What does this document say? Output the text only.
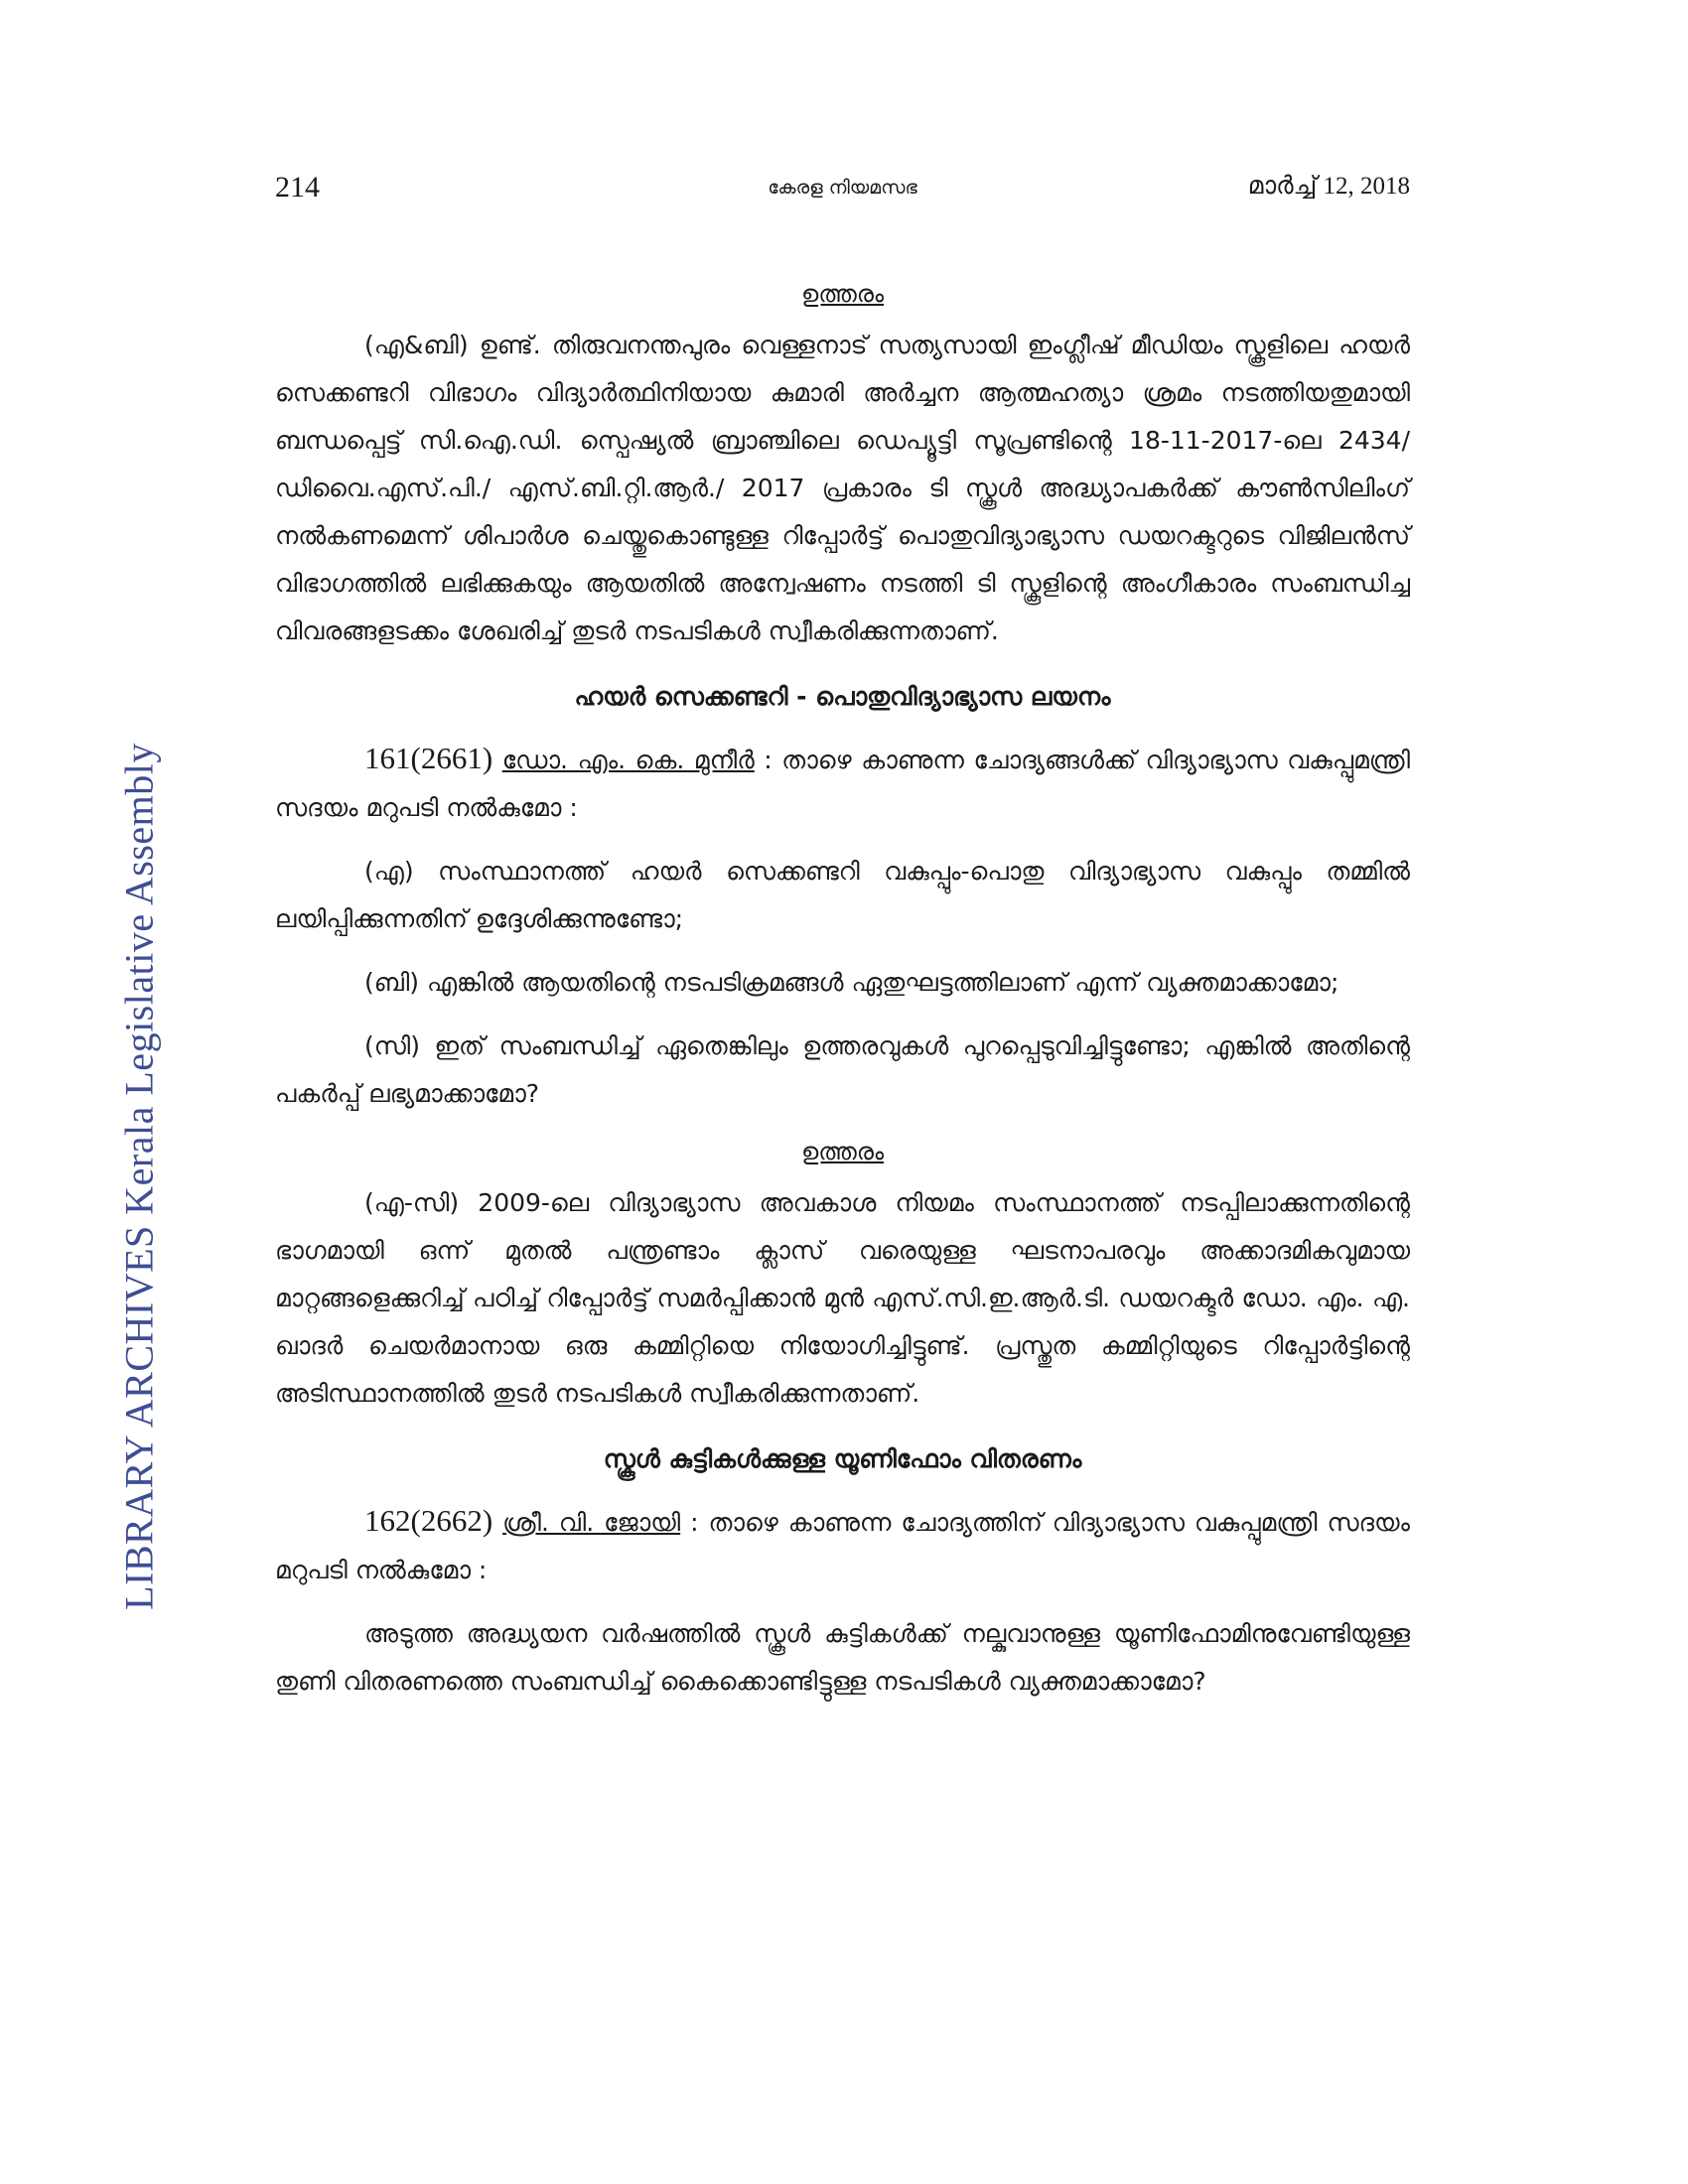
LIBRARY ARCHIVES Kerala Legislative Assembly
214	കേരള നിയമസഭ	മാർച്ച് 12, 2018
ഉത്തരം

(എ&ബി) ഉണ്ട്. തിരുവനന്തപുരം വെള്ളനാട് സത്യസായി ഇംഗ്ലീഷ് മീഡിയം സ്കൂളിലെ ഹയർ സെക്കണ്ടറി വിഭാഗം വിദ്യാർത്ഥിനിയായ കുമാരി അർച്ചന ആത്മഹത്യാ ശ്രമം നടത്തിയതുമായി ബന്ധപ്പെട്ട് സി.ഐ.ഡി. സ്പെഷ്യൽ ബ്രാഞ്ചിലെ ഡെപ്യൂട്ടി സൂപ്രണ്ടിന്റെ 18-11-2017-ലെ 2434/ ഡിവൈ.എസ്.പി./ എസ്.ബി.റ്റി.ആർ./ 2017 പ്രകാരം ടി സ്കൂൾ അദ്ധ്യാപകർക്ക് കൗൺസിലിംഗ് നൽകണമെന്ന് ശിപാർശ ചെയ്തുകൊണ്ടുള്ള റിപ്പോർട്ട് പൊതുവിദ്യാഭ്യാസ ഡയറക്ടറുടെ വിജിലൻസ് വിഭാഗത്തിൽ ലഭിക്കുകയും ആയതിൽ അന്വേഷണം നടത്തി ടി സ്കൂളിന്റെ അംഗീകാരം സംബന്ധിച്ച വിവരങ്ങളടക്കം ശേഖരിച്ച് തുടർ നടപടികൾ സ്വീകരിക്കുന്നതാണ്.

ഹയർ സെക്കണ്ടറി - പൊതുവിദ്യാഭ്യാസ ലയനം

161(2661) ഡോ. എം. കെ. മുനീർ : താഴെ കാണുന്ന ചോദ്യങ്ങൾക്ക് വിദ്യാഭ്യാസ വകുപ്പുമന്ത്രി സദയം മറുപടി നൽകുമോ :

(എ) സംസ്ഥാനത്ത് ഹയർ സെക്കണ്ടറി വകുപ്പും-പൊതു വിദ്യാഭ്യാസ വകുപ്പും തമ്മിൽ ലയിപ്പിക്കുന്നതിന് ഉദ്ദേശിക്കുന്നുണ്ടോ;

(ബി) എങ്കിൽ ആയതിന്റെ നടപടിക്രമങ്ങൾ ഏതുഘട്ടത്തിലാണ് എന്ന് വ്യക്തമാക്കാമോ;

(സി) ഇത് സംബന്ധിച്ച് ഏതെങ്കിലും ഉത്തരവുകൾ പുറപ്പെടുവിച്ചിട്ടുണ്ടോ; എങ്കിൽ അതിന്റെ പകർപ്പ് ലഭ്യമാക്കാമോ?

ഉത്തരം

(എ-സി) 2009-ലെ വിദ്യാഭ്യാസ അവകാശ നിയമം സംസ്ഥാനത്ത് നടപ്പിലാക്കുന്നതിന്റെ ഭാഗമായി ഒന്ന് മുതൽ പന്ത്രണ്ടാം ക്ലാസ് വരെയുള്ള ഘടനാപരവും അക്കാദമികവുമായ മാറ്റങ്ങളെക്കുറിച്ച് പഠിച്ച് റിപ്പോർട്ട് സമർപ്പിക്കാൻ മുൻ എസ്.സി.ഇ.ആർ.ടി. ഡയറക്ടർ ഡോ. എം. എ. ഖാദർ ചെയർമാനായ ഒരു കമ്മിറ്റിയെ നിയോഗിച്ചിട്ടുണ്ട്. പ്രസ്തുത കമ്മിറ്റിയുടെ റിപ്പോർട്ടിന്റെ അടിസ്ഥാനത്തിൽ തുടർ നടപടികൾ സ്വീകരിക്കുന്നതാണ്.

സ്കൂൾ കുട്ടികൾക്കുള്ള യൂണിഫോം വിതരണം

162(2662) ശ്രീ. വി. ജോയി : താഴെ കാണുന്ന ചോദ്യത്തിന് വിദ്യാഭ്യാസ വകുപ്പുമന്ത്രി സദയം മറുപടി നൽകുമോ :

അടുത്ത അദ്ധ്യയന വർഷത്തിൽ സ്കൂൾ കുട്ടികൾക്ക് നല്കുവാനുള്ള യൂണിഫോമിനുവേണ്ടിയുള്ള തുണി വിതരണത്തെ സംബന്ധിച്ച് കൈക്കൊണ്ടിട്ടുള്ള നടപടികൾ വ്യക്തമാക്കാമോ?
